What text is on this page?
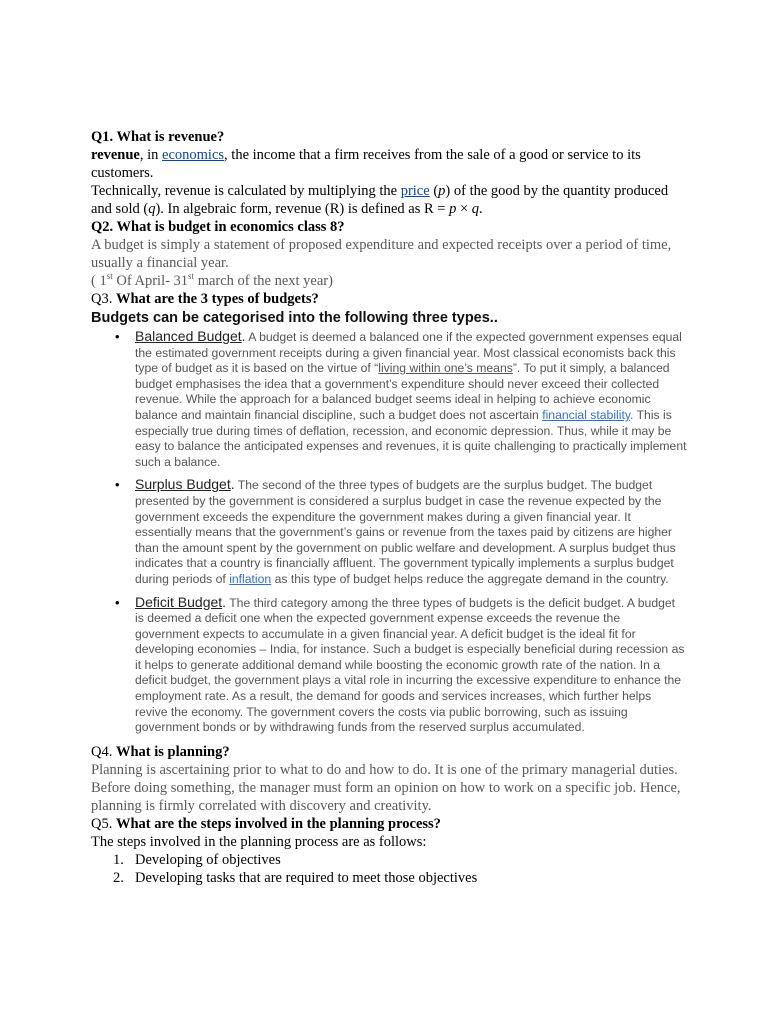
Q1. What is revenue?

revenue, in economics, the income that a firm receives from the sale of a good or service to its customers.

Technically, revenue is calculated by multiplying the price (p) of the good by the quantity produced and sold (q). In algebraic form, revenue (R) is defined as R = p × q.

Q2. What is budget in economics class 8?

A budget is simply a statement of proposed expenditure and expected receipts over a period of time, usually a financial year.

( 1st Of April- 31st march of the next year)

Q3. What are the 3 types of budgets?

Budgets can be categorised into the following three types..

• Balanced Budget. A budget is deemed a balanced one if the expected government expenses equal the estimated government receipts during a given financial year. Most classical economists back this type of budget as it is based on the virtue of “living within one’s means”. To put it simply, a balanced budget emphasises the idea that a government’s expenditure should never exceed their collected revenue. While the approach for a balanced budget seems ideal in helping to achieve economic balance and maintain financial discipline, such a budget does not ascertain financial stability. This is especially true during times of deflation, recession, and economic depression. Thus, while it may be easy to balance the anticipated expenses and revenues, it is quite challenging to practically implement such a balance.
• Surplus Budget. The second of the three types of budgets are the surplus budget. The budget presented by the government is considered a surplus budget in case the revenue expected by the government exceeds the expenditure the government makes during a given financial year. It essentially means that the government’s gains or revenue from the taxes paid by citizens are higher than the amount spent by the government on public welfare and development. A surplus budget thus indicates that a country is financially affluent. The government typically implements a surplus budget during periods of inflation as this type of budget helps reduce the aggregate demand in the country.
• Deficit Budget. The third category among the three types of budgets is the deficit budget. A budget is deemed a deficit one when the expected government expense exceeds the revenue the government expects to accumulate in a given financial year. A deficit budget is the ideal fit for developing economies – India, for instance. Such a budget is especially beneficial during recession as it helps to generate additional demand while boosting the economic growth rate of the nation. In a deficit budget, the government plays a vital role in incurring the excessive expenditure to enhance the employment rate. As a result, the demand for goods and services increases, which further helps revive the economy. The government covers the costs via public borrowing, such as issuing government bonds or by withdrawing funds from the reserved surplus accumulated.

Q4. What is planning?

Planning is ascertaining prior to what to do and how to do. It is one of the primary managerial duties. Before doing something, the manager must form an opinion on how to work on a specific job. Hence, planning is firmly correlated with discovery and creativity.

Q5. What are the steps involved in the planning process?

The steps involved in the planning process are as follows:

1. Developing of objectives
2. Developing tasks that are required to meet those objectives
